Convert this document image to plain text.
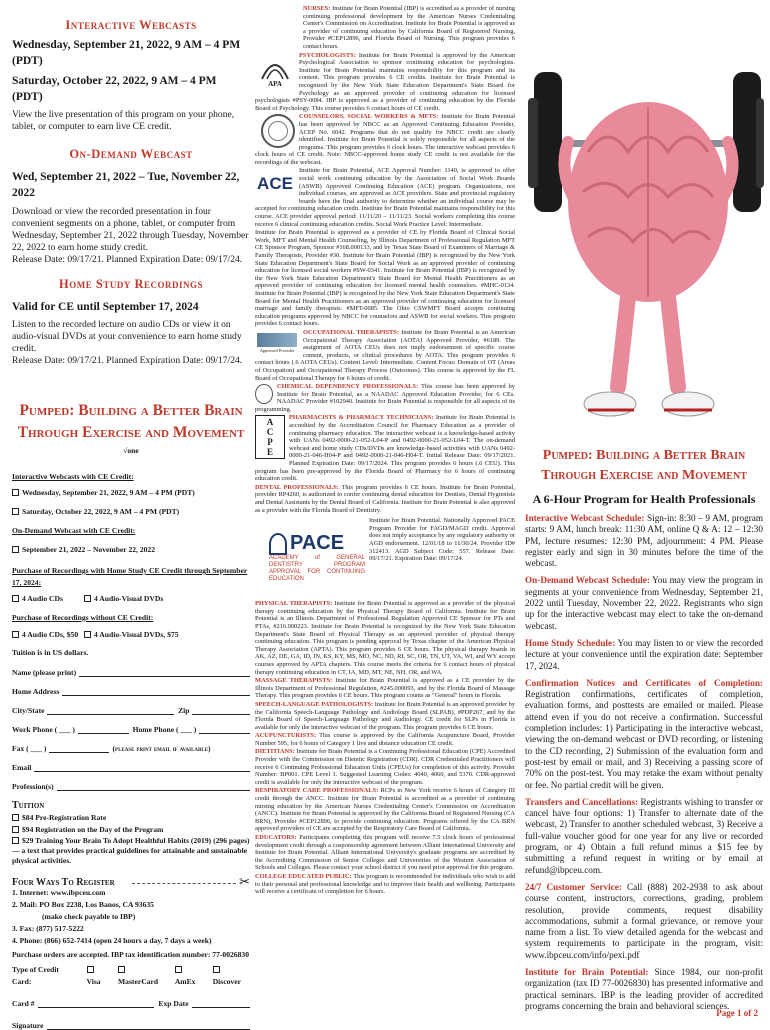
Interactive Webcasts
Wednesday, September 21, 2022, 9 AM – 4 PM (PDT)
Saturday, October 22, 2022, 9 AM – 4 PM (PDT)
View the live presentation of this program on your phone, tablet, or computer to earn live CE credit.
On-Demand Webcast
Wed, September 21, 2022 – Tue, November 22, 2022
Download or view the recorded presentation in four convenient segments on a phone, tablet, or computer from Wednesday, September 21, 2022 through Tuesday, November 22, 2022 to earn home study credit.
Release Date: 09/17/21. Planned Expiration Date: 09/17/24.
Home Study Recordings
Valid for CE until September 17, 2024
Listen to the recorded lecture on audio CDs or view it on audio-visual DVDs at your convenience to earn home study credit.
Release Date: 09/17/21. Planned Expiration Date: 09/17/24.
Pumped: Building a Better Brain
Through Exercise and Movement
√one
Interactive Webcasts with CE Credit:
Wednesday, September 21, 2022, 9 AM – 4 PM (PDT)
Saturday, October 22, 2022, 9 AM – 4 PM (PDT)
On-Demand Webcast with CE Credit:
September 21, 2022 – November 22, 2022
Purchase of Recordings with Home Study CE Credit through September 17, 2024:
4 Audio CDs	4 Audio-Visual DVDs
Purchase of Recordings without CE Credit:
4 Audio CDs, $50	4 Audio-Visual DVDs, $75
Tuition is in US dollars.
Name (please print)
Home Address
City/State	Zip
Work Phone ( ___ )	Home Phone ( ___ )
Fax ( ___ )	(please print email if available)
Email
Profession(s)
Tuition
$84 Pre-Registration Rate
$94 Registration on the Day of the Program
$29 Training Your Brain To Adopt Healthful Habits (2019) (296 pages) — a text that provides practical guidelines for attainable and sustainable physical activities.
Four Ways To Register	✂
1. Internet: www.ibpceu.com
2. Mail: PO Box 2238, Los Banos, CA 93635
(make check payable to IBP)
3. Fax: (877) 517-5222
4. Phone: (866) 652-7414 (open 24 hours a day, 7 days a week)
Purchase orders are accepted. IBP tax identification number: 77-0026830
Type of Credit Card:	Visa	MasterCard	AmEx	Discover
Card #	Exp Date
Signature
NURSES: Institute for Brain Potential (IBP) is accredited as a provider of nursing continuing professional development by the American Nurses Credentialing Center's Commission on Accreditation. Institute for Brain Potential is approved as a provider of continuing education by California Board of Registered Nursing, Provider #CEP12896, and Florida Board of Nursing. This program provides 6 contact hours.
APA
PSYCHOLOGISTS: Institute for Brain Potential is approved by the American Psychological Association to sponsor continuing education for psychologists. Institute for Brain Potential maintains responsibility for this program and its content. This program provides 6 CE credits. Institute for Brain Potential is recognized by the New York State Education Department's State Board for Psychology as an approved provider of continuing education for licensed psychologists #PSY-0084. IBP is approved as a provider of continuing education by the Florida Board of Psychology. This course provides 6 contact hours of CE credit.
COUNSELORS, SOCIAL WORKERS & MFTS: Institute for Brain Potential has been approved by NBCC as an Approved Continuing Education Provider, ACEP No. 6042. Programs that do not qualify for NBCC credit are clearly identified. Institute for Brain Potential is solely responsible for all aspects of the programs. This program provides 6 clock hours. The interactive webcast provides 6 clock hours of CE credit. Note: NBCC-approved home study CE credit is not available for the recordings of the webcast.
ACE
Institute for Brain Potential, ACE Approval Number: 1140, is approved to offer social work continuing education by the Association of Social Work Boards (ASWB) Approved Continuing Education (ACE) program. Organizations, not individual courses, are approved as ACE providers. State and provincial regulatory boards have the final authority to determine whether an individual course may be accepted for continuing education credit. Institute for Brain Potential maintains responsibility for this course. ACE provider approval period: 11/11/20 – 11/11/23. Social workers completing this course receive 6 clinical continuing education credits. Social Work Practice Level: Intermediate.
Institute for Brain Potential is approved as a provider of CE by Florida Board of Clinical Social Work, MFT and Mental Health Counseling, by Illinois Department of Professional Regulation MFT CE Sponsor Program, Sponsor #168.000133, and by Texas State Board of Examiners of Marriage & Family Therapists, Provider #30. Institute for Brain Potential (IBP) is recognized by the New York State Education Department's State Board for Social Work as an approved provider of continuing education for licensed social workers #SW-0341. Institute for Brain Potential (IBP) is recognized by the New York State Education Department's State Board for Mental Health Practitioners as an approved provider of continuing education for licensed mental health counselors. #MHC-0134. Institute for Brain Potential (IBP) is recognized by the New York State Education Department's State Board for Mental Health Practitioners as an approved provider of continuing education for licensed marriage and family therapists. #MFT-0085. The Ohio CSWMFT Board accepts continuing education programs approved by NBCC for counselors and ASWB for social workers. This program provides 6 contact hours.
Approved Provider
OCCUPATIONAL THERAPISTS: Institute for Brain Potential is an American Occupational Therapy Association (AOTA) Approved Provider, #6189. The assignment of AOTA CEUs does not imply endorsement of specific course content, products, or clinical procedures by AOTA. This program provides 6 contact hours (.6 AOTA CEUs). Content Level: Intermediate. Content Focus: Domain of OT (Areas of Occupation) and Occupational Therapy Process (Outcomes). This course is approved by the FL Board of Occupational Therapy for 6 hours of credit.
CHEMICAL DEPENDENCY PROFESSIONALS: This course has been approved by Institute for Brain Potential, as a NAADAC Approved Education Provider, for 6 CEs. NAADAC Provider #102940. Institute for Brain Potential is responsible for all aspects of its programming.
A
C
P
E
PHARMACISTS & PHARMACY TECHNICIANS: Institute for Brain Potential is accredited by the Accreditation Council for Pharmacy Education as a provider of continuing pharmacy education. The interactive webcast is a knowledge-based activity with UANs 0492-0000-21-052-L04-P and 0492-0000-21-052-L04-T. The on-demand webcast and home study CDs/DVDs are knowledge-based activities with UANs 0492-0000-21-046-H04-P and 0492-0000-21-046-H04-T. Initial Release Date: 09/17/2021. Planned Expiration Date: 09/17/2024. This program provides 6 hours (.6 CEU). This program has been pre-approved by the Florida Board of Pharmacy for 6 hours of continuing education credit.
DENTAL PROFESSIONALS: This program provides 6 CE hours. Institute for Brain Potential, provider RP4260, is authorized to confer continuing dental education for Dentists, Dental Hygienists and Dental Assistants by the Dental Board of California. Institute for Brain Potential is also approved as a provider with the Florida Board of Dentistry.
PACE
ACADEMY of GENERAL DENTISTRY PROGRAM APPROVAL FOR CONTINUING EDUCATION
Institute for Brain Potential. Nationally Approved PACE Program Provider for FAGD/MAGD credit. Approval does not imply acceptance by any regulatory authority or AGD endorsement. 12/01/18 to 11/30/24. Provider ID# 312413. AGD Subject Code: 557. Release Date: 09/17/21. Expiration Date: 09/17/24.
PHYSICAL THERAPISTS: Institute for Brain Potential is approved as a provider of the physical therapy continuing education by the Physical Therapy Board of California. Institute for Brain Potential is an Illinois Department of Professional Regulation Approved CE Sponsor for PTs and PTAs, #216.000223. Institute for Brain Potential is recognized by the New York State Education Department's State Board of Physical Therapy as an approved provider of physical therapy continuing education. This program is pending approval by Texas chapter of the American Physical Therapy Association (APTA). This program provides 6 CE hours. The physical therapy boards in AK, AZ, DE, GA, ID, IN, KS, KY, MS, MO, NC, ND, RI, SC, OR, TN, UT, VA, WI, and WY accept courses approved by APTA chapters. This course meets the criteria for 6 contact hours of physical therapy continuing education in CT, IA, MD, MT, NE, NH, OR, and WA.
MASSAGE THERAPISTS: Institute for Brain Potential is approved as a CE provider by the Illinois Department of Professional Regulation, #245.000093, and by the Florida Board of Massage Therapy. This program provides 6 CE hours. This program counts as "General" hours in Florida.
SPEECH-LANGUAGE PATHOLOGISTS: Institute for Brain Potential is an approved provider by the California Speech-Language Pathology and Audiology Board (SLPAB), #PDP267, and by the Florida Board of Speech-Language Pathology and Audiology. CE credit for SLPs in Florida is available for only the interactive webcast of the program. This program provides 6 CE hours.
ACUPUNCTURISTS: This course is approved by the California Acupuncture Board, Provider Number 595, for 6 hours of Category 1 live and distance education CE credit.
DIETITIANS: Institute for Brain Potential is a Continuing Professional Education (CPE) Accredited Provider with the Commission on Dietetic Registration (CDR). CDR Credentialed Practitioners will receive 6 Continuing Professional Education Units (CPEUs) for completion of this activity. Provider Number: BP001. CPE Level 1. Suggested Learning Codes: 4040, 4060, and 5370. CDR-approved credit is available for only the interactive webcast of the program.
RESPIRATORY CARE PROFESSIONALS: RCPs in New York receive 6 hours of Category III credit through the ANCC. Institute for Brain Potential is accredited as a provider of continuing nursing education by the American Nurses Credentialing Center's Commission on Accreditation (ANCC). Institute for Brain Potential is approved by the California Board of Registered Nursing (CA BRN), Provider #CEP12896, to provide continuing education. Programs offered by the CA BRN approved providers of CE are accepted by the Respiratory Care Board of California.
EDUCATORS: Participants completing this program will receive 7.5 clock hours of professional development credit through a cosponsorship agreement between Alliant International University and Institute for Brain Potential. Alliant International University's graduate programs are accredited by the Accrediting Commission of Senior Colleges and Universities of the Western Association of Schools and Colleges. Please contact your school district if you need prior approval for this program.
COLLEGE EDUCATED PUBLIC: This program is recommended for individuals who wish to add to their personal and professional knowledge and to improve their health and wellbeing. Participants will receive a certificate of completion for 6 hours.
Pumped: Building a Better Brain
Through Exercise and Movement
A 6-Hour Program for Health Professionals
Interactive Webcast Schedule: Sign-in: 8:30 – 9 AM, program starts: 9 AM, lunch break: 11:30 AM, online Q & A: 12 – 12:30 PM, lecture resumes: 12:30 PM, adjournment: 4 PM. Please register early and sign in 30 minutes before the time of the webcast.
On-Demand Webcast Schedule: You may view the program in segments at your convenience from Wednesday, September 21, 2022 until Tuesday, November 22, 2022. Registrants who sign up for the interactive webcast may elect to take the on-demand webcast.
Home Study Schedule: You may listen to or view the recorded lecture at your convenience until the expiration date: September 17, 2024.
Confirmation Notices and Certificates of Completion: Registration confirmations, certificates of completion, evaluation forms, and posttests are emailed or mailed. Please attend even if you do not receive a confirmation. Successful completion includes: 1) Participating in the interactive webcast, viewing the on-demand webcast or DVD recording, or listening to the CD recording, 2) Submission of the evaluation form and post-test by email or mail, and 3) Receiving a passing score of 70% on the post-test. You may retake the exam without penalty or fee. No partial credit will be given.
Transfers and Cancellations: Registrants wishing to transfer or cancel have four options: 1) Transfer to alternate date of the webcast, 2) Transfer to another scheduled webcast, 3) Receive a full-value voucher good for one year for any live or recorded program, or 4) Obtain a full refund minus a $15 fee by submitting a refund request in writing or by email at refund@ibpceu.com.
24/7 Customer Service: Call (888) 202-2938 to ask about course content, instructors, corrections, grading, problem resolution, provide comments, request disability accommodations, submit a formal grievance, or remove your name from a list. To view detailed agenda for the webcast and system requirements to participate in the program, visit: www.ibpceu.com/info/pexi.pdf
Institute for Brain Potential: Since 1984, our non-profit organization (tax ID 77-0026830) has presented informative and practical seminars. IBP is the leading provider of accredited programs concerning the brain and behavioral sciences.
Page 1 of 2
